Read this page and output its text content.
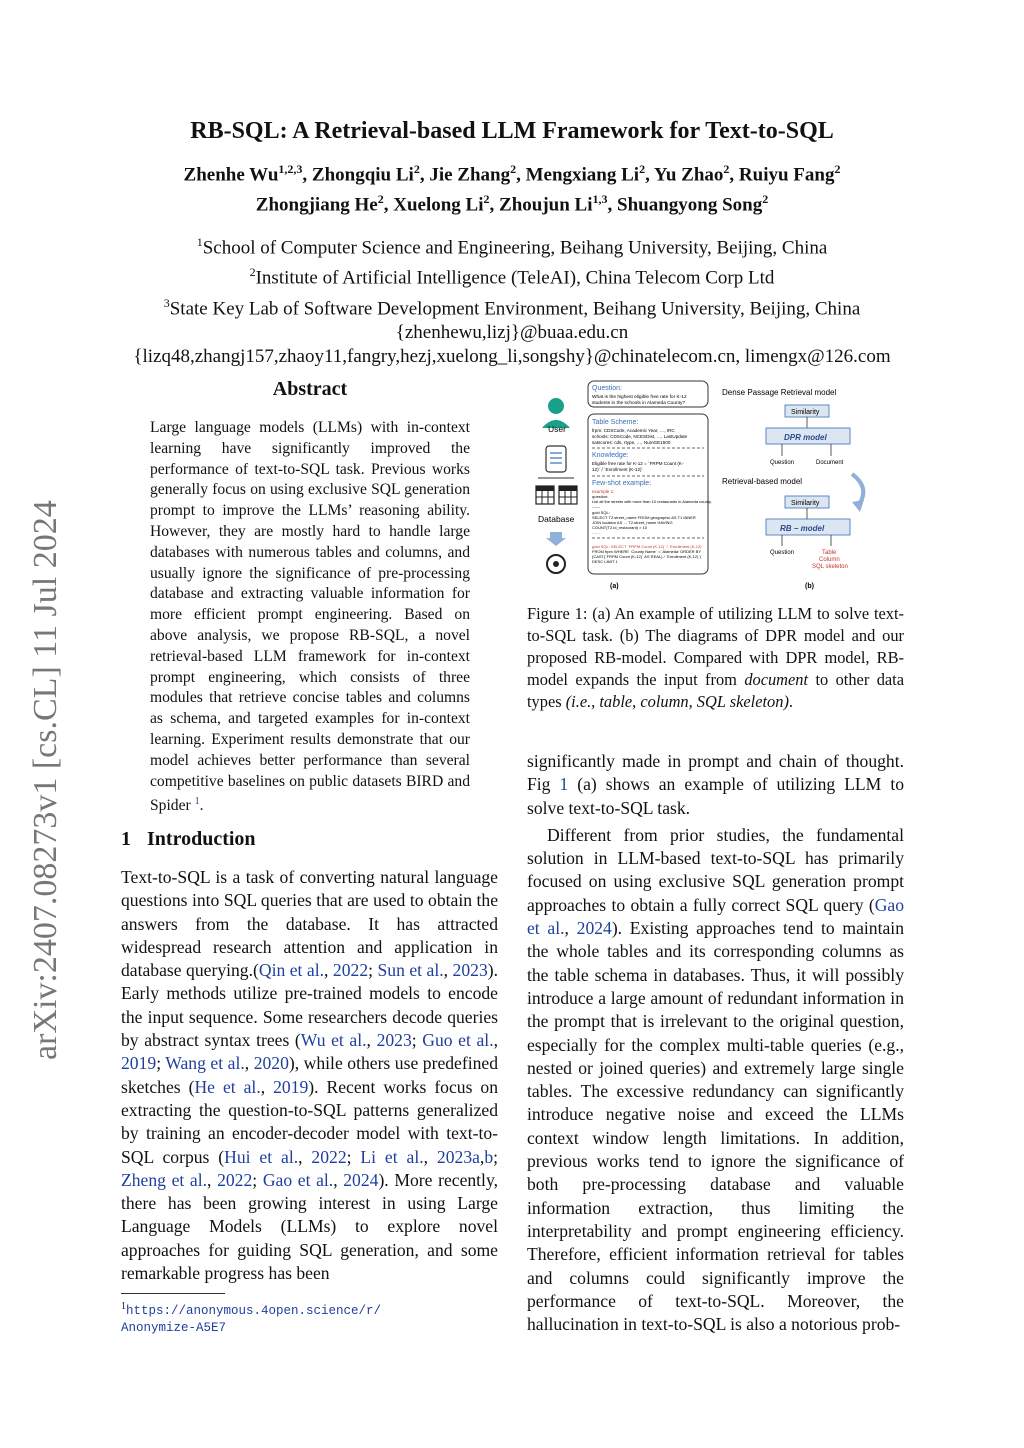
arXiv:2407.08273v1 [cs.CL] 11 Jul 2024
RB-SQL: A Retrieval-based LLM Framework for Text-to-SQL
Zhenhe Wu$^{1,2,3}$, Zhongqiu Li$^2$, Jie Zhang$^2$, Mengxiang Li$^2$, Yu Zhao$^2$, Ruiyu Fang$^2$
Zhongjiang He$^2$, Xuelong Li$^2$, Zhoujun Li$^{1,3}$, Shuangyong Song$^2$
$^1$School of Computer Science and Engineering, Beihang University, Beijing, China
$^2$Institute of Artificial Intelligence (TeleAI), China Telecom Corp Ltd
$^3$State Key Lab of Software Development Environment, Beihang University, Beijing, China
{zhenhewu,lizj}@buaa.edu.cn
{lizq48,zhangj157,zhaoy11,fangry,hezj,xuelong_li,songshy}@chinatelecom.cn, limengx@126.com
Abstract
Large language models (LLMs) with in-context learning have significantly improved the performance of text-to-SQL task. Previous works generally focus on using exclusive SQL generation prompt to improve the LLMs’ reasoning ability. However, they are mostly hard to handle large databases with numerous tables and columns, and usually ignore the significance of pre-processing database and extracting valuable information for more efficient prompt engineering. Based on above analysis, we propose RB-SQL, a novel retrieval-based LLM framework for in-context prompt engineering, which consists of three modules that retrieve concise tables and columns as schema, and targeted examples for in-context learning. Experiment results demonstrate that our model achieves better performance than several competitive baselines on public datasets BIRD and Spider $^1$.
1 Introduction

Text-to-SQL is a task of converting natural language questions into SQL queries that are used to obtain the answers from the database. It has attracted widespread research attention and application in database querying.(Qin et al., 2022; Sun et al., 2023). Early methods utilize pre-trained models to encode the input sequence. Some researchers decode queries by abstract syntax trees (Wu et al., 2023; Guo et al., 2019; Wang et al., 2020), while others use predefined sketches (He et al., 2019). Recent works focus on extracting the question-to-SQL patterns generalized by training an encoder-decoder model with text-to-SQL corpus (Hui et al., 2022; Li et al., 2023a,b; Zheng et al., 2022; Gao et al., 2024). More recently, there has been growing interest in using Large Language Models (LLMs) to explore novel approaches for guiding SQL generation, and some remarkable progress has been

$^1$https://anonymous.4open.science/r/
Anonymize-A5E7
User
Database
Question:
What is the highest eligible free rate for K-12
students in the schools in Alameda County?
Table Scheme:
frpm: CDSCode, Academic Year, …, IRC
schools: CDSCode, NCESDist, …, LastUpdate
satscores: cds, rtype, …, NumGE1500
Knowledge:
Eligible free rate for K-12 = `FRPM Count (K-
12)` / `Enrollment (K-12)`
Few-shot example:
example 1:
question:
List all the streets with more than 10 restaurants in Alameda county.
------
gold SQL:
SELECT T2.street_name FROM geographic AS T1 INNER
JOIN location AS … T2.street_name HAVING
COUNT(T2.id_restaurant) > 10
……
gold SQL: SELECT `FRPM Count (K-12)` / `Enrollment (K-12)`
FROM frpm WHERE `County Name` = 'Alameda' ORDER BY
(CAST(`FRPM Count (K-12)` AS REAL) / `Enrollment (K-12)`)
DESC LIMIT 1
(a)
Dense Passage Retrieval model
Similarity
DPR model
Question	Document
Retrieval-based model
Similarity
RB − model
Question	Table
Column
SQL skeleton
(b)
Figure 1: (a) An example of utilizing LLM to solve text-to-SQL task. (b) The diagrams of DPR model and our proposed RB-model. Compared with DPR model, RB-model expands the input from document to other data types (i.e., table, column, SQL skeleton).

significantly made in prompt and chain of thought. Fig 1 (a) shows an example of utilizing LLM to solve text-to-SQL task.

Different from prior studies, the fundamental solution in LLM-based text-to-SQL has primarily focused on using exclusive SQL generation prompt approaches to obtain a fully correct SQL query (Gao et al., 2024). Existing approaches tend to maintain the whole tables and its corresponding columns as the table schema in databases. Thus, it will possibly introduce a large amount of redundant information in the prompt that is irrelevant to the original question, especially for the complex multi-table queries (e.g., nested or joined queries) and extremely large single tables. The excessive redundancy can significantly introduce negative noise and exceed the LLMs context window length limitations. In addition, previous works tend to ignore the significance of both pre-processing database and valuable information extraction, thus limiting the interpretability and prompt engineering efficiency. Therefore, efficient information retrieval for tables and columns could significantly improve the performance of text-to-SQL. Moreover, the hallucination in text-to-SQL is also a notorious prob-
